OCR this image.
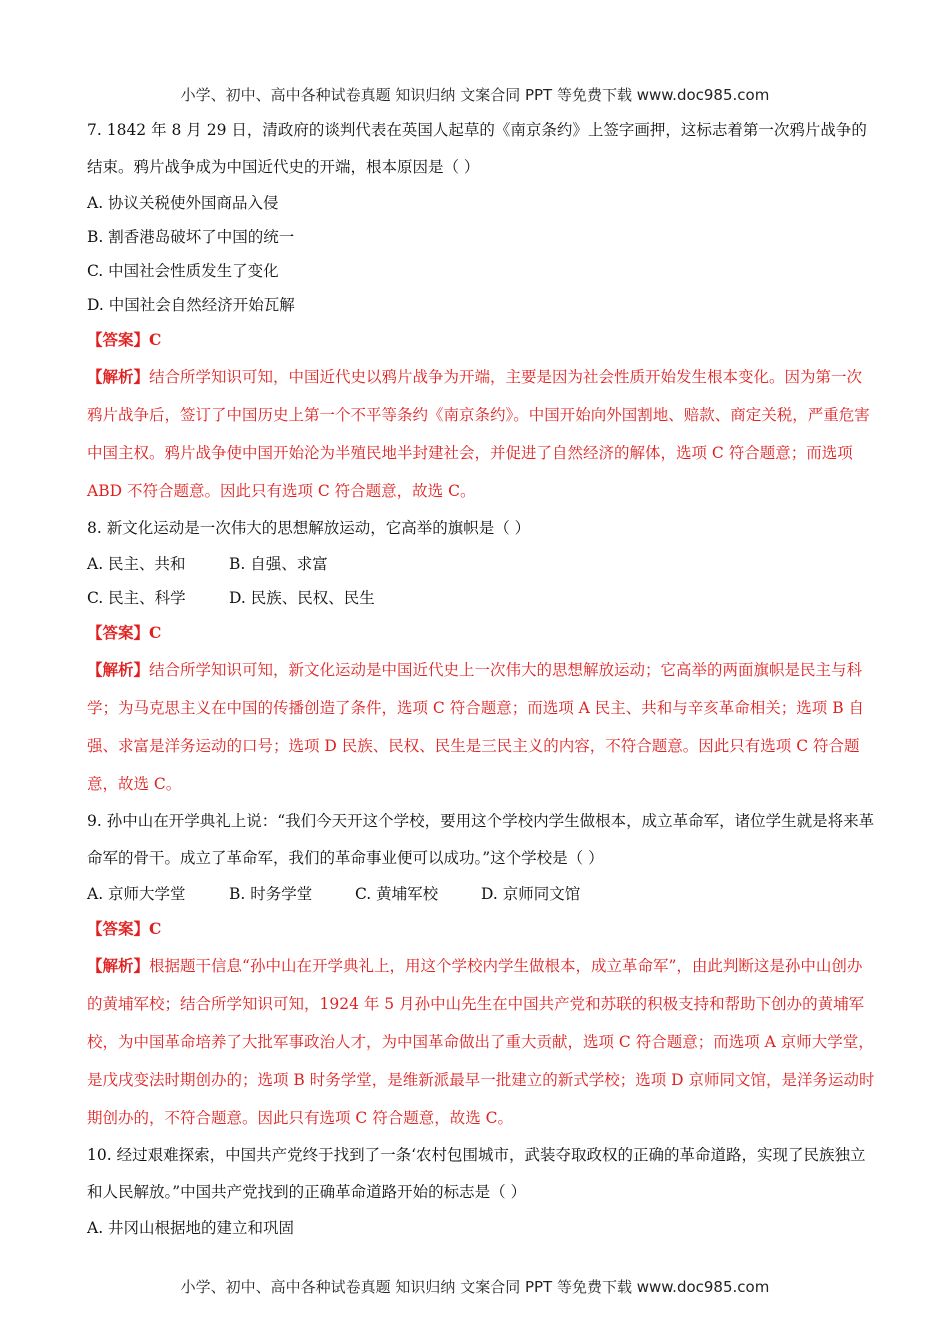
小学、初中、高中各种试卷真题 知识归纳 文案合同 PPT 等免费下载 www.doc985.com
7. 1842 年 8 月 29 日，清政府的谈判代表在英国人起草的《南京条约》上签字画押，这标志着第一次鸦片战争的结束。鸦片战争成为中国近代史的开端，根本原因是（ ）
A. 协议关税使外国商品入侵
B. 割香港岛破坏了中国的统一
C. 中国社会性质发生了变化
D. 中国社会自然经济开始瓦解
【答案】C
【解析】结合所学知识可知，中国近代史以鸦片战争为开端，主要是因为社会性质开始发生根本变化。因为第一次鸦片战争后，签订了中国历史上第一个不平等条约《南京条约》。中国开始向外国割地、赔款、商定关税，严重危害中国主权。鸦片战争使中国开始沦为半殖民地半封建社会，并促进了自然经济的解体，选项 C 符合题意；而选项 ABD 不符合题意。因此只有选项 C 符合题意，故选 C。
8. 新文化运动是一次伟大的思想解放运动，它高举的旗帜是（ ）
A. 民主、共和	B. 自强、求富
C. 民主、科学	D. 民族、民权、民生
【答案】C
【解析】结合所学知识可知，新文化运动是中国近代史上一次伟大的思想解放运动；它高举的两面旗帜是民主与科学；为马克思主义在中国的传播创造了条件，选项 C 符合题意；而选项 A 民主、共和与辛亥革命相关；选项 B 自强、求富是洋务运动的口号；选项 D 民族、民权、民生是三民主义的内容，不符合题意。因此只有选项 C 符合题意，故选 C。
9. 孙中山在开学典礼上说：“我们今天开这个学校，要用这个学校内学生做根本，成立革命军，诸位学生就是将来革命军的骨干。成立了革命军，我们的革命事业便可以成功。”这个学校是（ ）
A. 京师大学堂	B. 时务学堂	C. 黄埔军校	D. 京师同文馆
【答案】C
【解析】根据题干信息“孙中山在开学典礼上，用这个学校内学生做根本，成立革命军”，由此判断这是孙中山创办的黄埔军校；结合所学知识可知，1924 年 5 月孙中山先生在中国共产党和苏联的积极支持和帮助下创办的黄埔军校，为中国革命培养了大批军事政治人才，为中国革命做出了重大贡献，选项 C 符合题意；而选项 A 京师大学堂，是戊戌变法时期创办的；选项 B 时务学堂，是维新派最早一批建立的新式学校；选项 D 京师同文馆，是洋务运动时期创办的，不符合题意。因此只有选项 C 符合题意，故选 C。
10. 经过艰难探索，中国共产党终于找到了一条‘农村包围城市，武装夺取政权的正确的革命道路，实现了民族独立和人民解放。”中国共产党找到的正确革命道路开始的标志是（ ）
A. 井冈山根据地的建立和巩固
小学、初中、高中各种试卷真题 知识归纳 文案合同 PPT 等免费下载 www.doc985.com
